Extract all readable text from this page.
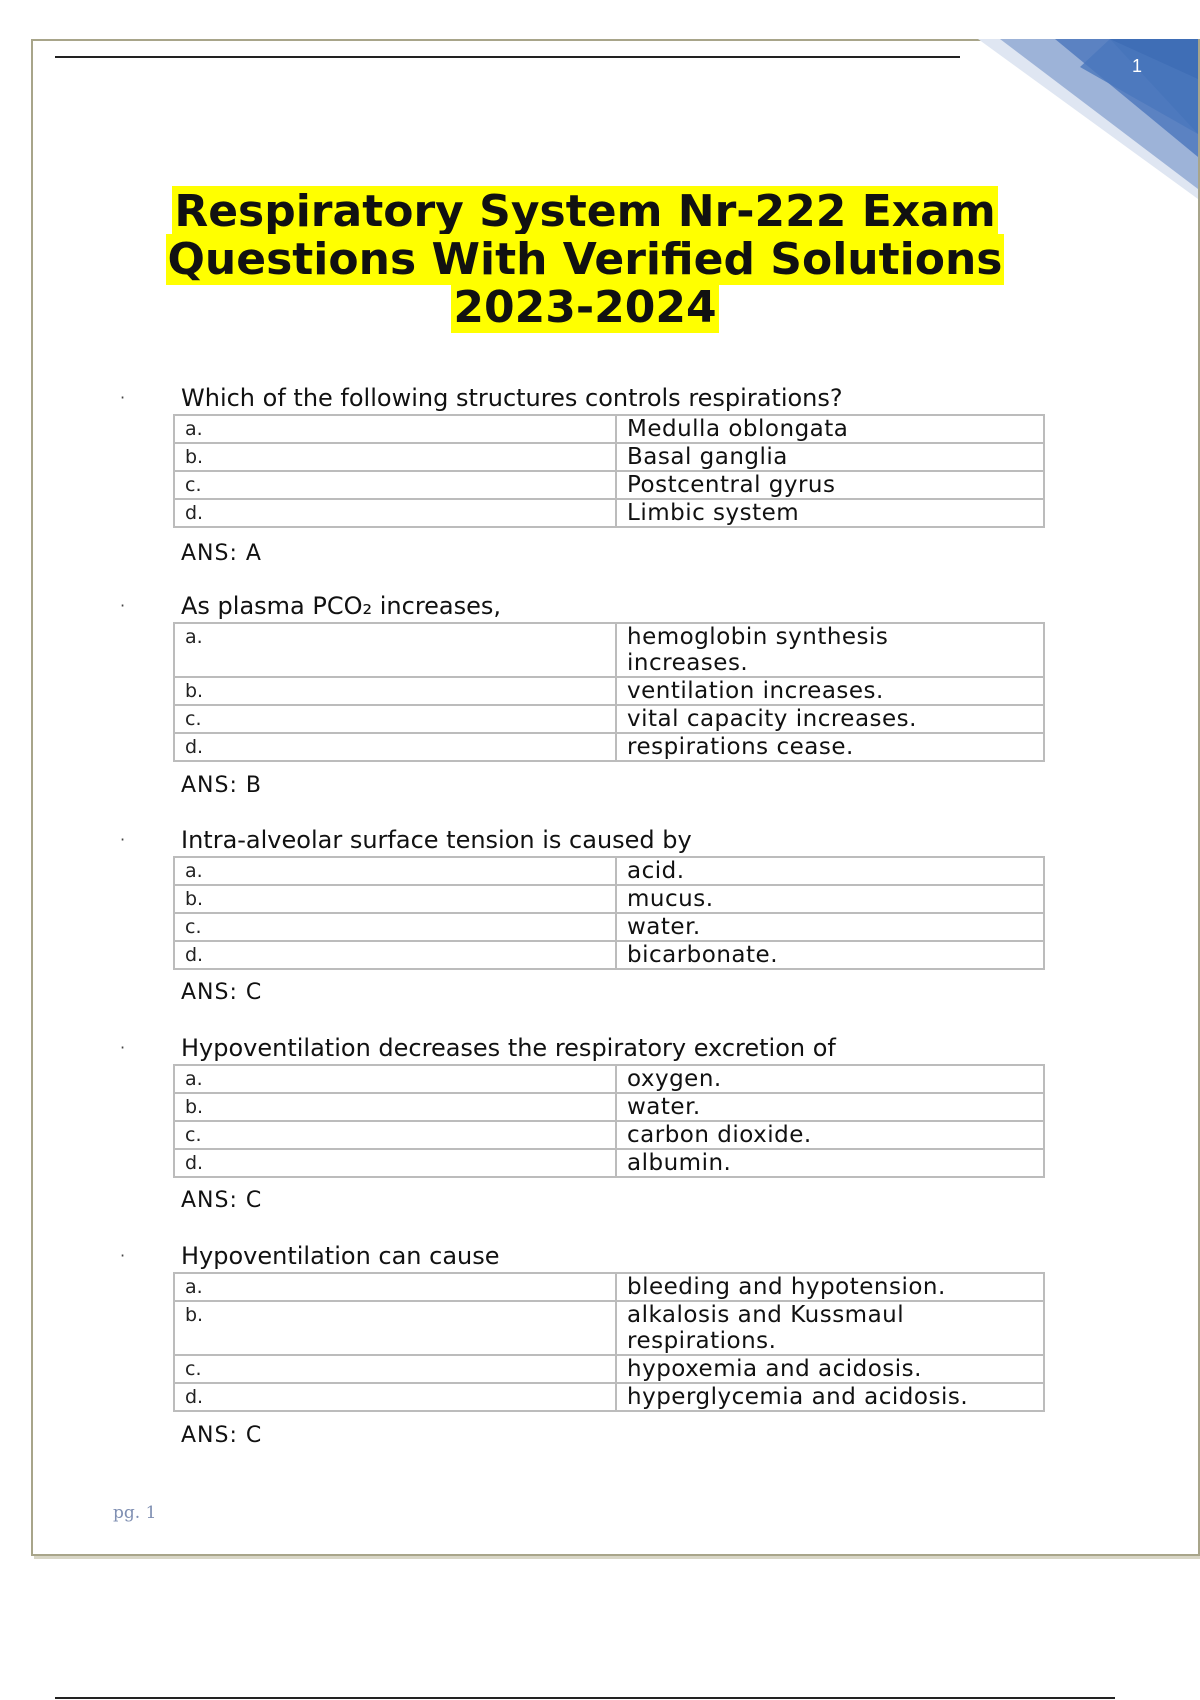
1
Respiratory System Nr-222 Exam Questions With Verified Solutions 2023-2024
· Which of the following structures controls respirations?
a.	Medulla oblongata
b.	Basal ganglia
c.	Postcentral gyrus
d.	Limbic system
ANS: A
· As plasma PCO₂ increases,
a.	hemoglobin synthesis increases.
b.	ventilation increases.
c.	vital capacity increases.
d.	respirations cease.
ANS: B
· Intra-alveolar surface tension is caused by
a.	acid.
b.	mucus.
c.	water.
d.	bicarbonate.
ANS: C
· Hypoventilation decreases the respiratory excretion of
a.	oxygen.
b.	water.
c.	carbon dioxide.
d.	albumin.
ANS: C
· Hypoventilation can cause
a.	bleeding and hypotension.
b.	alkalosis and Kussmaul respirations.
c.	hypoxemia and acidosis.
d.	hyperglycemia and acidosis.
ANS: C
pg. 1
